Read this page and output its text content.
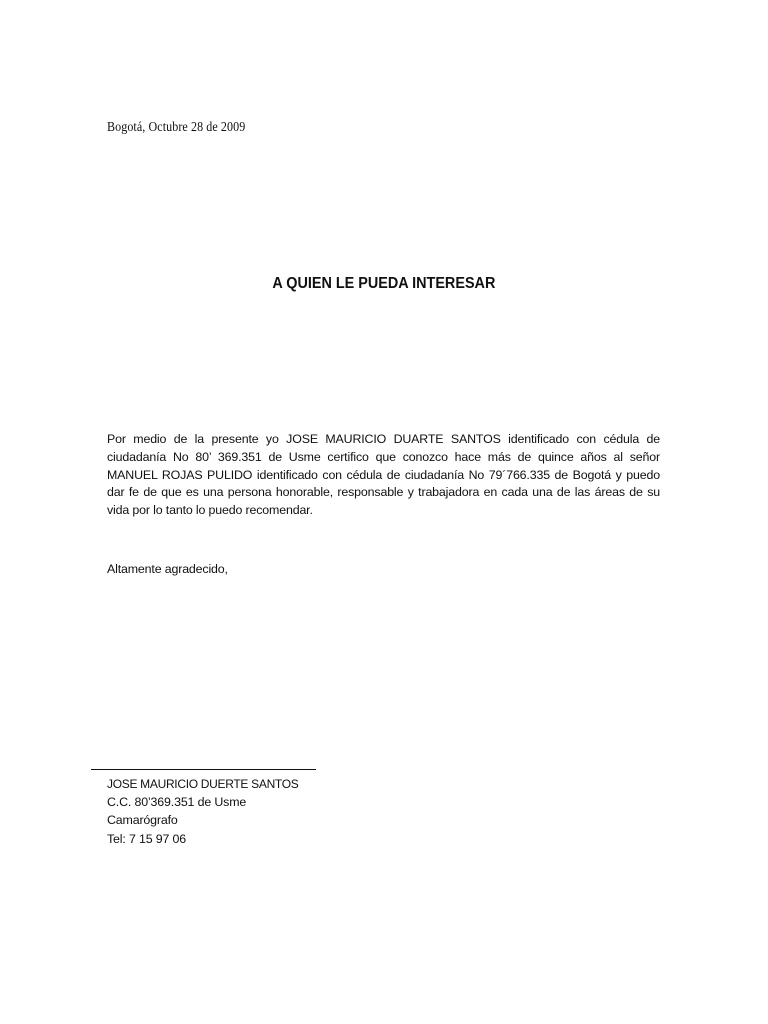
Bogotá, Octubre 28 de 2009
A QUIEN LE PUEDA INTERESAR
Por medio de la presente yo JOSE MAURICIO DUARTE SANTOS identificado con cédula de ciudadanía No 80’ 369.351 de Usme certifico que conozco hace más de quince años al señor MANUEL ROJAS PULIDO identificado con cédula de ciudadanía No 79´766.335 de Bogotá y puedo dar fe de que es una persona honorable, responsable y trabajadora en cada una de las áreas de su vida por lo tanto lo puedo recomendar.
Altamente agradecido,
JOSE MAURICIO DUERTE SANTOS
C.C. 80’369.351 de Usme
Camarógrafo
Tel: 7 15 97 06
